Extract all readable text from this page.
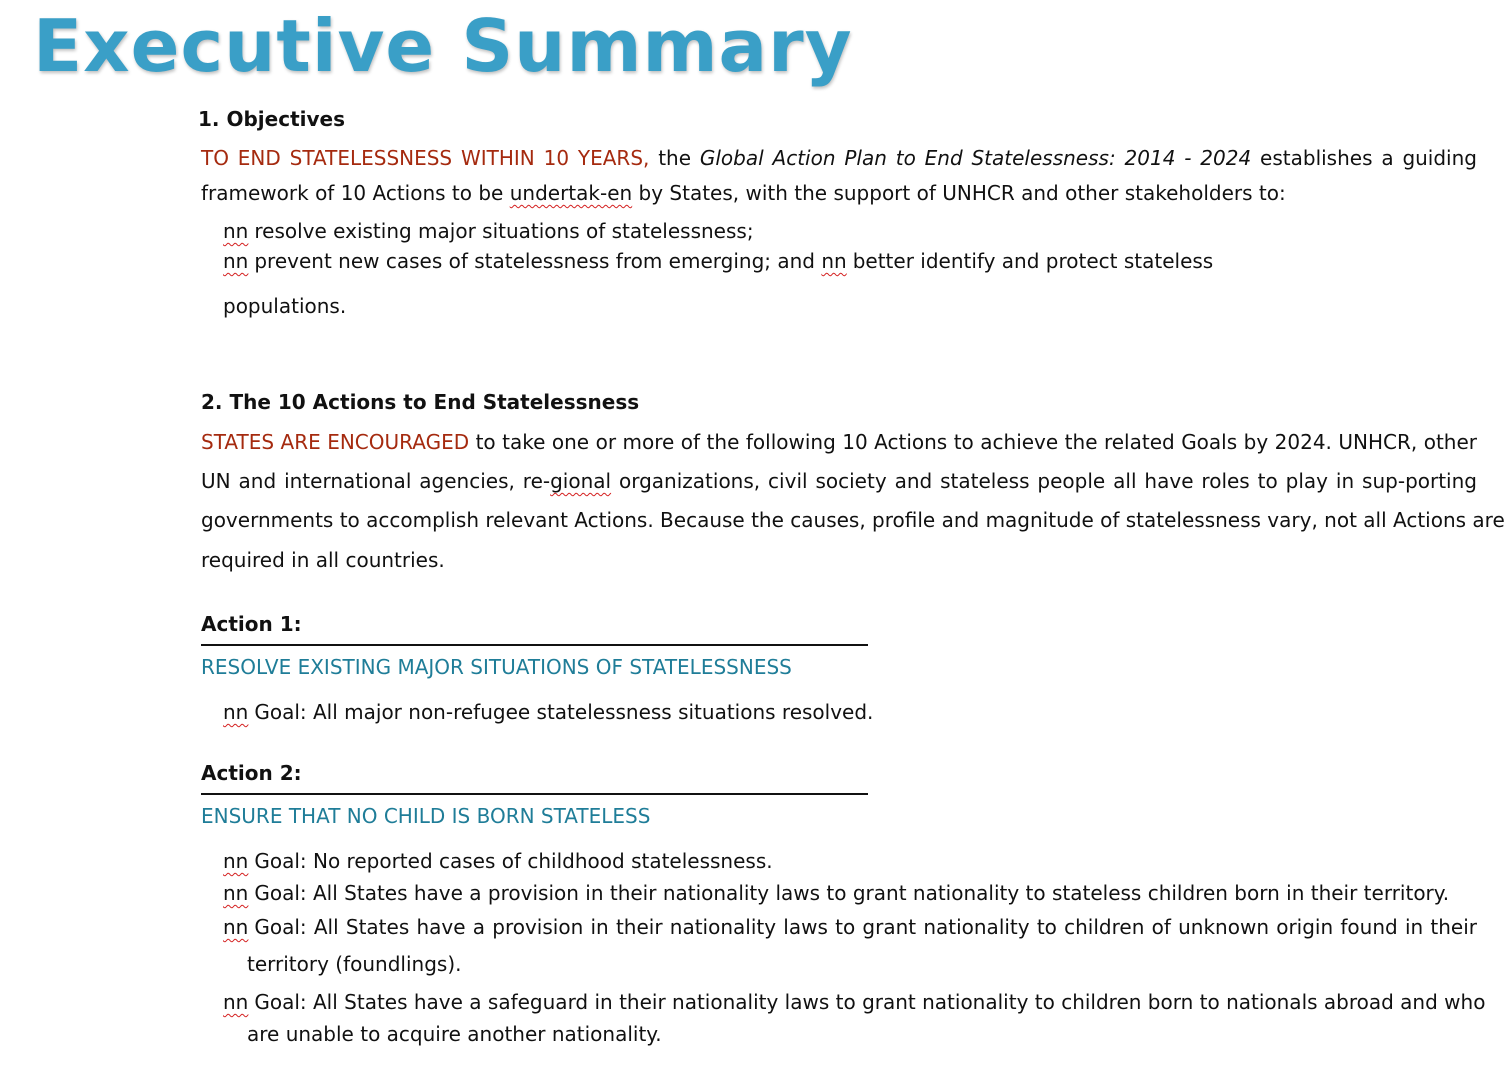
Executive Summary
1. Objectives
TO END STATELESSNESS WITHIN 10 YEARS, the Global Action Plan to End Statelessness: 2014 - 2024 establishes a guiding
framework of 10 Actions to be undertak-en by States, with the support of UNHCR and other stakeholders to:
nn resolve existing major situations of statelessness;
nn prevent new cases of statelessness from emerging; and nn better identify and protect stateless
populations.
2. The 10 Actions to End Statelessness
STATES ARE ENCOURAGED to take one or more of the following 10 Actions to achieve the related Goals by 2024. UNHCR, other
UN and international agencies, re-gional organizations, civil society and stateless people all have roles to play in sup-porting
governments to accomplish relevant Actions. Because the causes, profile and magnitude of statelessness vary, not all Actions are
required in all countries.
Action 1:
RESOLVE EXISTING MAJOR SITUATIONS OF STATELESSNESS
nn Goal: All major non-refugee statelessness situations resolved.
Action 2:
ENSURE THAT NO CHILD IS BORN STATELESS
nn Goal: No reported cases of childhood statelessness.
nn Goal: All States have a provision in their nationality laws to grant nationality to stateless children born in their territory.
nn Goal: All States have a provision in their nationality laws to grant nationality to children of unknown origin found in their
territory (foundlings).
nn Goal: All States have a safeguard in their nationality laws to grant nationality to children born to nationals abroad and who
are unable to acquire another nationality.
